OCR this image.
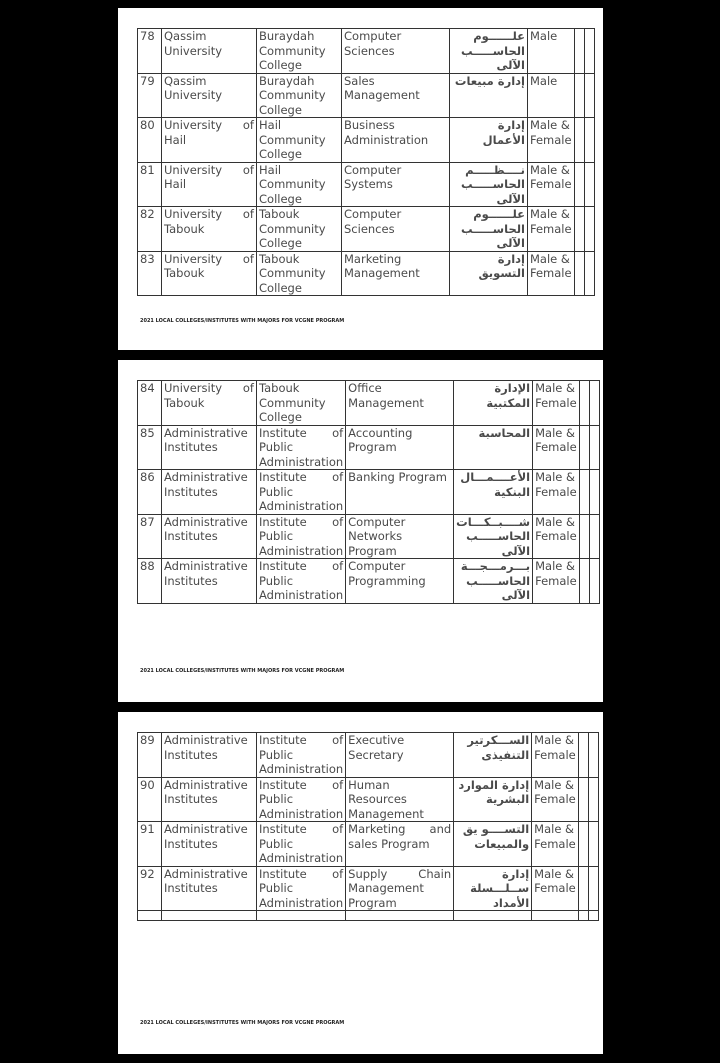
78	Qassim University	Buraydah Community College	Computer Sciences	علــــــوم الحاســـــب الآلى	Male		
79	Qassim University	Buraydah Community College	Sales Management	إدارة مبيعات	Male		
80	University of Hail	Hail Community College	Business Administration	إدارة الأعمال	Male & Female		
81	University of Hail	Hail Community College	Computer Systems	نــــظـــــم الحاســـــب الآلى	Male & Female		
82	University of Tabouk	Tabouk Community College	Computer Sciences	علــــــوم الحاســـــب الآلى	Male & Female		
83	University of Tabouk	Tabouk Community College	Marketing Management	إدارة التسويق	Male & Female		
2021 LOCAL COLLEGES/INSTITUTES WITH MAJORS FOR VCGNE PROGRAM
84	University of Tabouk	Tabouk Community College	Office Management	الإدارة المكتبية	Male & Female		
85	Administrative Institutes	Institute of Public Administration	Accounting Program	المحاسبة	Male & Female		
86	Administrative Institutes	Institute of Public Administration	Banking Program	الأعــــمـــال البنكية	Male & Female		
87	Administrative Institutes	Institute of Public Administration	Computer Networks Program	شــــبــكـــات الحاســـــب الآلى	Male & Female		
88	Administrative Institutes	Institute of Public Administration	Computer Programming	بـــرمـــجـــة الحاســـــب الآلى	Male & Female		
2021 LOCAL COLLEGES/INSTITUTES WITH MAJORS FOR VCGNE PROGRAM
89	Administrative Institutes	Institute of Public Administration	Executive Secretary	الســـكرتير التنفيذى	Male & Female		
90	Administrative Institutes	Institute of Public Administration	Human Resources Management	إدارة الموارد البشرية	Male & Female		
91	Administrative Institutes	Institute of Public Administration	Marketing and sales Program	التســــو يق والمبيعات	Male & Female		
92	Administrative Institutes	Institute of Public Administration	Supply Chain Management Program	إدارة ســلـــسلة الأمداد	Male & Female		

2021 LOCAL COLLEGES/INSTITUTES WITH MAJORS FOR VCGNE PROGRAM
